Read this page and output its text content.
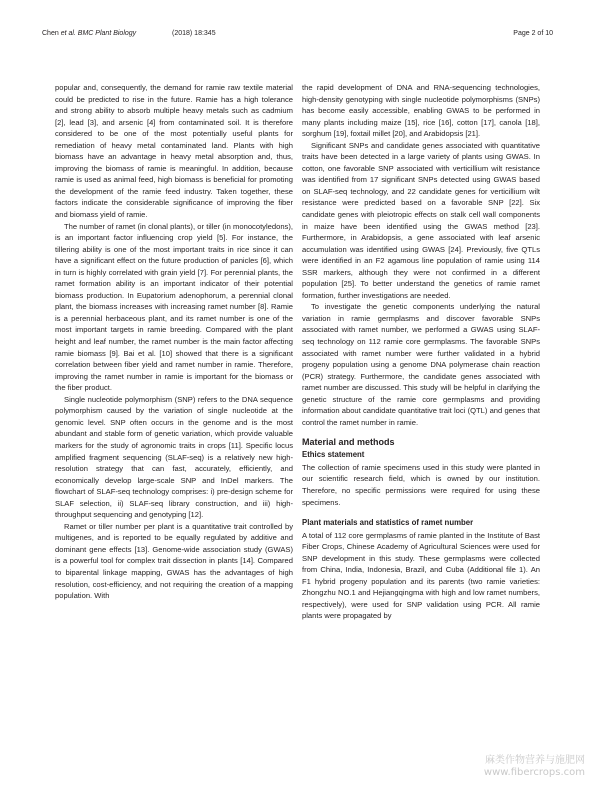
Chen et al. BMC Plant Biology	(2018) 18:345	Page 2 of 10

popular and, consequently, the demand for ramie raw textile material could be predicted to rise in the future. Ramie has a high tolerance and strong ability to absorb multiple heavy metals such as cadmium [2], lead [3], and arsenic [4] from contaminated soil. It is therefore considered to be one of the most potentially useful plants for remediation of heavy metal contaminated land. Plants with high biomass have an advantage in heavy metal absorption and, thus, improving the biomass of ramie is meaningful. In addition, because ramie is used as animal feed, high biomass is beneficial for promoting the development of the ramie feed industry. Taken together, these factors indicate the considerable significance of improving the fiber and biomass yield of ramie.

The number of ramet (in clonal plants), or tiller (in monocotyledons), is an important factor influencing crop yield [5]. For instance, the tillering ability is one of the most important traits in rice since it can have a significant effect on the future production of panicles [6], which in turn is highly correlated with grain yield [7]. For perennial plants, the ramet formation ability is an important indicator of their potential biomass production. In Eupatorium adenophorum, a perennial clonal plant, the biomass increases with increasing ramet number [8]. Ramie is a perennial herbaceous plant, and its ramet number is one of the most important targets in ramie breeding. Compared with the plant height and leaf number, the ramet number is the main factor affecting ramie biomass [9]. Bai et al. [10] showed that there is a significant correlation between fiber yield and ramet number in ramie. Therefore, improving the ramet number in ramie is important for the biomass or the fiber product.

Single nucleotide polymorphism (SNP) refers to the DNA sequence polymorphism caused by the variation of single nucleotide at the genomic level. SNP often occurs in the genome and is the most abundant and stable form of genetic variation, which provide valuable markers for the study of agronomic traits in crops [11]. Specific locus amplified fragment sequencing (SLAF-seq) is a relatively new high-resolution strategy that can fast, accurately, efficiently, and economically develop large-scale SNP and InDel markers. The flowchart of SLAF-seq technology comprises: i) pre-design scheme for SLAF selection, ii) SLAF-seq library construction, and iii) high-throughput sequencing and genotyping [12].

Ramet or tiller number per plant is a quantitative trait controlled by multigenes, and is reported to be equally regulated by additive and dominant gene effects [13]. Genome-wide association study (GWAS) is a powerful tool for complex trait dissection in plants [14]. Compared to biparental linkage mapping, GWAS has the advantages of high resolution, cost-efficiency, and not requiring the creation of a mapping population. With

the rapid development of DNA and RNA-sequencing technologies, high-density genotyping with single nucleotide polymorphisms (SNPs) has become easily accessible, enabling GWAS to be performed in many plants including maize [15], rice [16], cotton [17], canola [18], sorghum [19], foxtail millet [20], and Arabidopsis [21].

Significant SNPs and candidate genes associated with quantitative traits have been detected in a large variety of plants using GWAS. In cotton, one favorable SNP associated with verticillium wilt resistance was identified from 17 significant SNPs detected using GWAS based on SLAF-seq technology, and 22 candidate genes for verticillium wilt resistance were predicted based on a favorable SNP [22]. Six candidate genes with pleiotropic effects on stalk cell wall components in maize have been identified using the GWAS method [23]. Furthermore, in Arabidopsis, a gene associated with leaf arsenic accumulation was identified using GWAS [24]. Previously, five QTLs were identified in an F2 agamous line population of ramie using 114 SSR markers, although they were not confirmed in a different population [25]. To better understand the genetics of ramie ramet formation, further investigations are needed.

To investigate the genetic components underlying the natural variation in ramie germplasms and discover favorable SNPs associated with ramet number, we performed a GWAS using SLAF-seq technology on 112 ramie core germplasms. The favorable SNPs associated with ramet number were further validated in a hybrid progeny population using a genome DNA polymerase chain reaction (PCR) strategy. Furthermore, the candidate genes associated with ramet number are discussed. This study will be helpful in clarifying the genetic structure of the ramie core germplasms and providing information about candidate quantitative trait loci (QTL) and genes that control the ramet number in ramie.

Material and methods
Ethics statement

The collection of ramie specimens used in this study were planted in our scientific research field, which is owned by our institution. Therefore, no specific permissions were required for using these specimens.

Plant materials and statistics of ramet number

A total of 112 core germplasms of ramie planted in the Institute of Bast Fiber Crops, Chinese Academy of Agricultural Sciences were used for SNP development in this study. These germplasms were collected from China, India, Indonesia, Brazil, and Cuba (Additional file 1). An F1 hybrid progeny population and its parents (two ramie varieties: Zhongzhu NO.1 and Hejiangqingma with high and low ramet numbers, respectively), were used for SNP validation using PCR. All ramie plants were propagated by

麻类作物营养与施肥网
www.fibercrops.com
